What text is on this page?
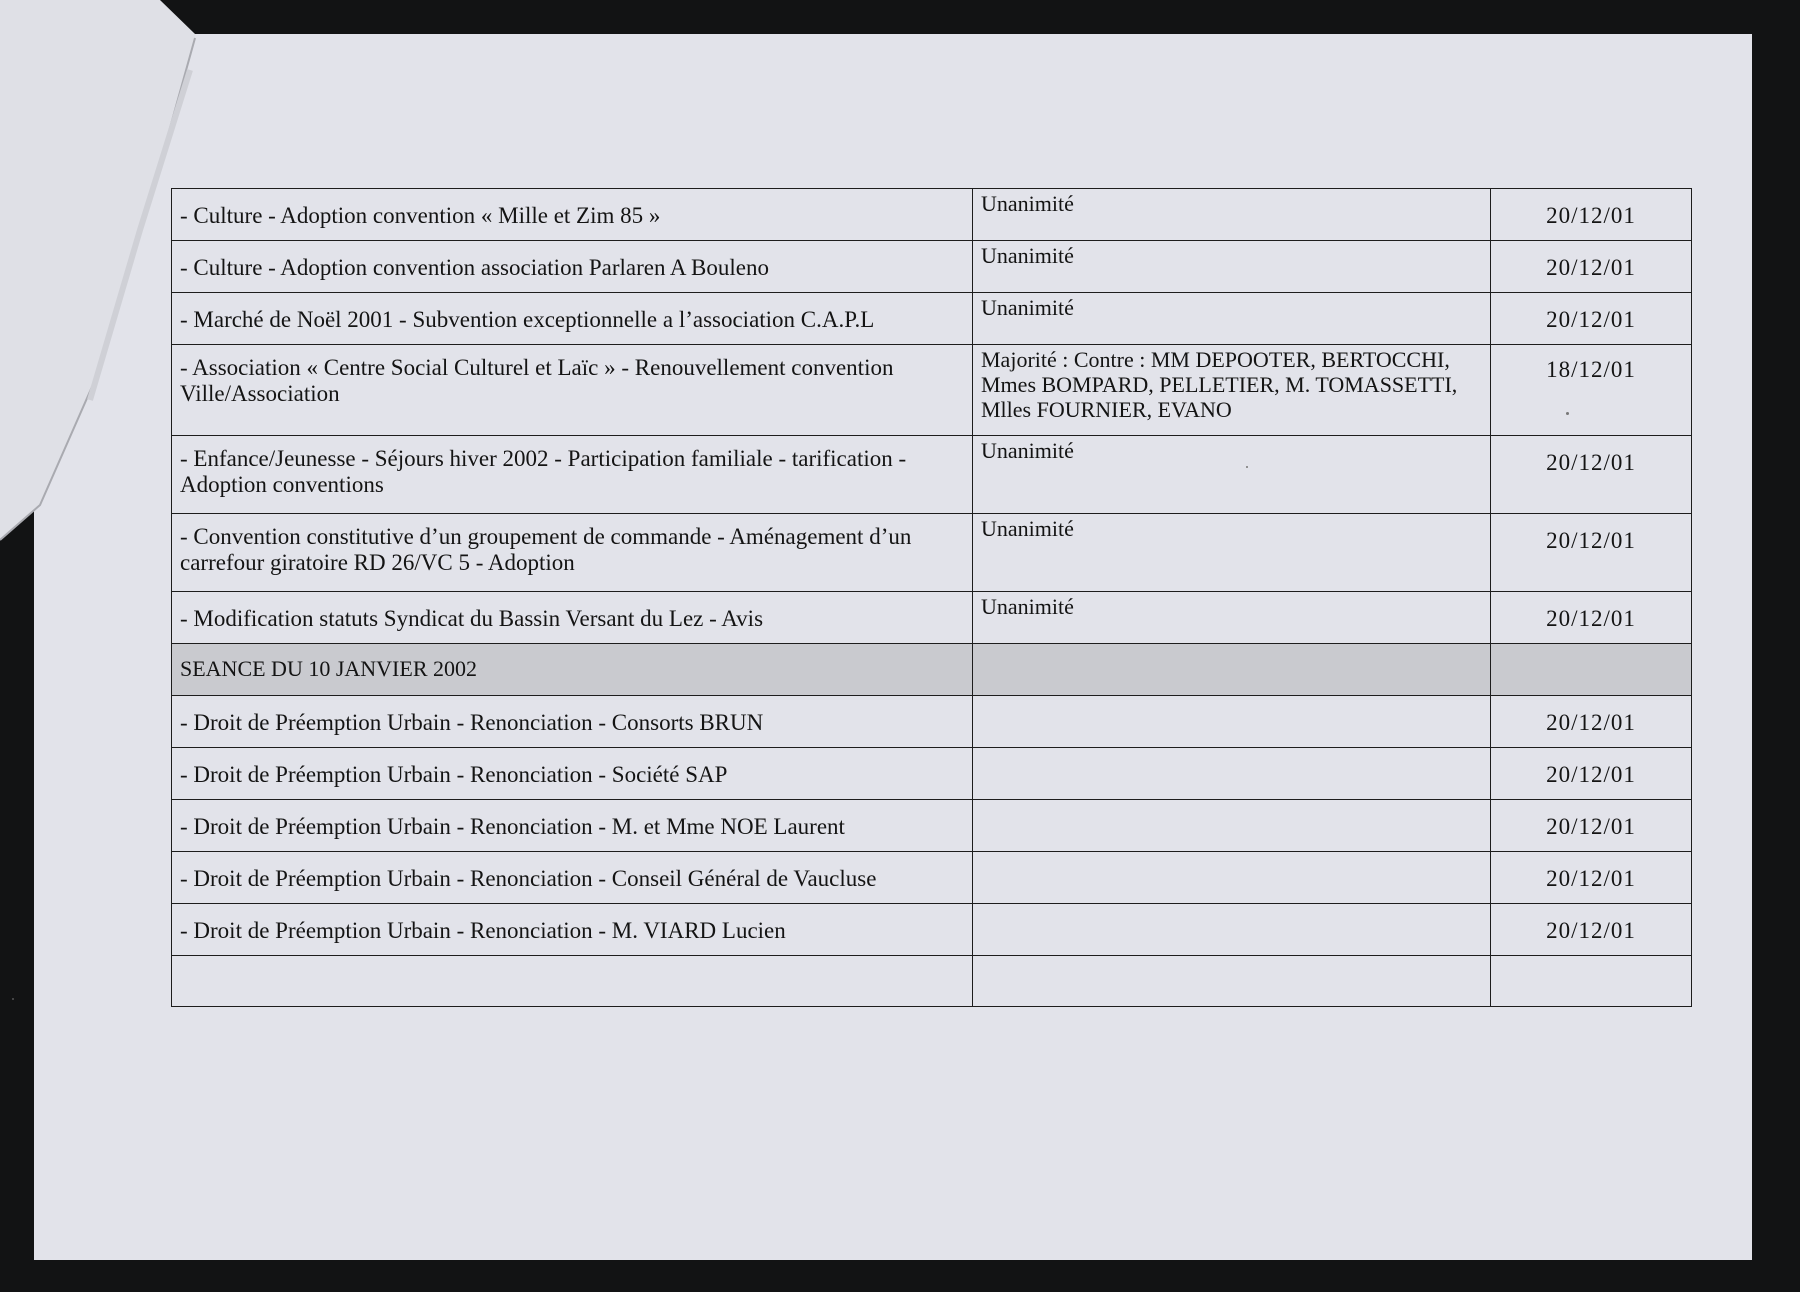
- Culture - Adoption convention « Mille et Zim 85 »	Unanimité	20/12/01
- Culture - Adoption convention association Parlaren A Bouleno	Unanimité	20/12/01
- Marché de Noël 2001 - Subvention exceptionnelle a l’association C.A.P.L	Unanimité	20/12/01
- Association « Centre Social Culturel et Laïc » - Renouvellement convention Ville/Association	Majorité : Contre : MM DEPOOTER, BERTOCCHI, Mmes BOMPARD, PELLETIER, M. TOMASSETTI, Mlles FOURNIER, EVANO	18/12/01
- Enfance/Jeunesse - Séjours hiver 2002 - Participation familiale - tarification - Adoption conventions	Unanimité	20/12/01
- Convention constitutive d’un groupement de commande - Aménagement d’un carrefour giratoire RD 26/VC 5 - Adoption	Unanimité	20/12/01
- Modification statuts Syndicat du Bassin Versant du Lez - Avis	Unanimité	20/12/01
SEANCE DU 10 JANVIER 2002		
- Droit de Préemption Urbain - Renonciation - Consorts BRUN		20/12/01
- Droit de Préemption Urbain - Renonciation - Société SAP		20/12/01
- Droit de Préemption Urbain - Renonciation - M. et Mme NOE Laurent		20/12/01
- Droit de Préemption Urbain - Renonciation - Conseil Général de Vaucluse		20/12/01
- Droit de Préemption Urbain - Renonciation - M. VIARD Lucien		20/12/01
